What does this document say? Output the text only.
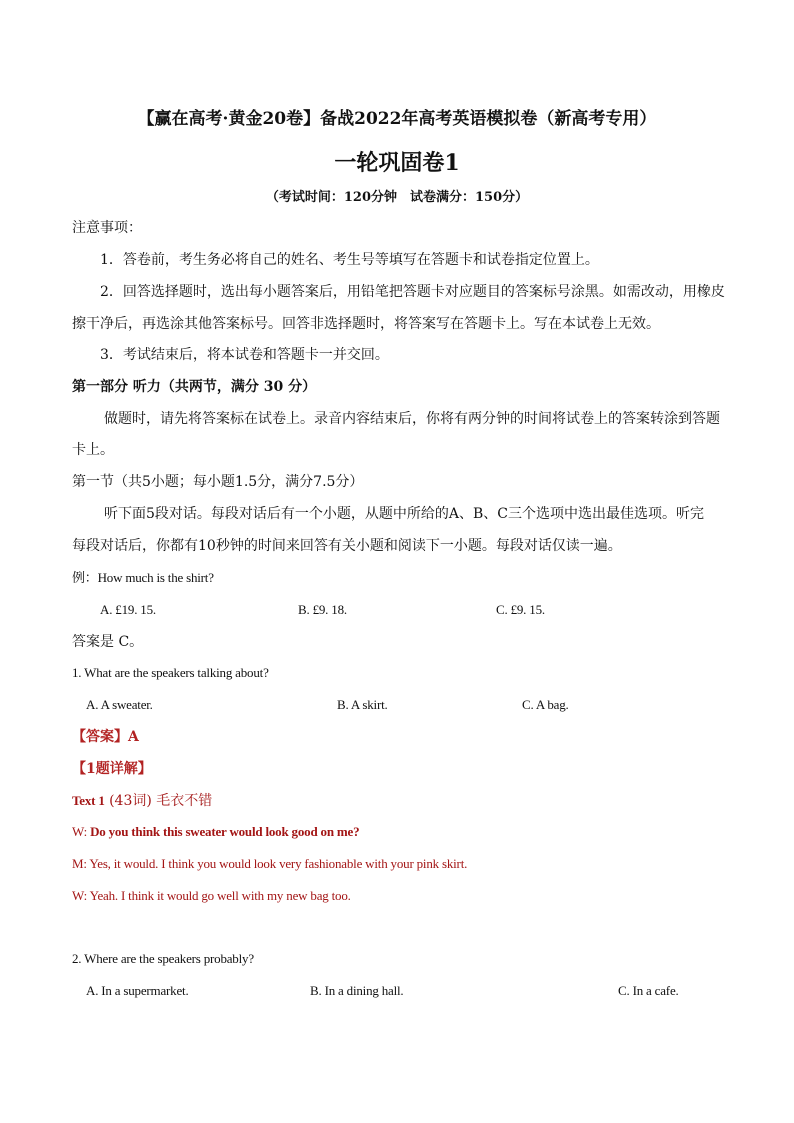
【赢在高考·黄金20卷】备战2022年高考英语模拟卷（新高考专用）
一轮巩固卷1
（考试时间：120分钟　试卷满分：150分）
注意事项：
1．答卷前，考生务必将自己的姓名、考生号等填写在答题卡和试卷指定位置上。
2．回答选择题时，选出每小题答案后，用铅笔把答题卡对应题目的答案标号涂黑。如需改动，用橡皮
擦干净后，再选涂其他答案标号。回答非选择题时，将答案写在答题卡上。写在本试卷上无效。
3．考试结束后，将本试卷和答题卡一并交回。
第一部分 听力（共两节，满分 30 分）
做题时，请先将答案标在试卷上。录音内容结束后，你将有两分钟的时间将试卷上的答案转涂到答题
卡上。
第一节（共5小题；每小题1.5分，满分7.5分）
听下面5段对话。每段对话后有一个小题，从题中所给的A、B、C三个选项中选出最佳选项。听完
每段对话后，你都有10秒钟的时间来回答有关小题和阅读下一小题。每段对话仅读一遍。
例：How much is the shirt?
A. £19. 15.	B. £9. 18.	C. £9. 15.
答案是 C。
1. What are the speakers talking about?
A. A sweater.	B. A skirt.	C. A bag.
【答案】A
【1题详解】
Text 1 (43词) 毛衣不错
W: Do you think this sweater would look good on me?
M: Yes, it would. I think you would look very fashionable with your pink skirt.
W: Yeah. I think it would go well with my new bag too.
2. Where are the speakers probably?
A. In a supermarket.	B. In a dining hall.	C. In a cafe.
